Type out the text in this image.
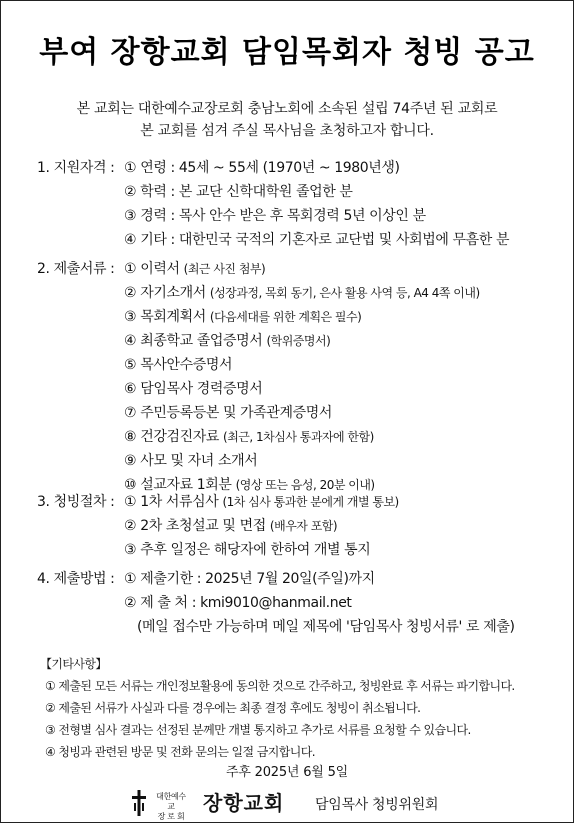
부여 장항교회 담임목회자 청빙 공고
본 교회는 대한예수교장로회 충남노회에 소속된 설립 74주년 된 교회로
본 교회를 섬겨 주실 목사님을 초청하고자 합니다.
1. 지원자격 : ① 연령 : 45세 ~ 55세 (1970년 ~ 1980년생)
② 학력 : 본 교단 신학대학원 졸업한 분
③ 경력 : 목사 안수 받은 후 목회경력 5년 이상인 분
④ 기타 : 대한민국 국적의 기혼자로 교단법 및 사회법에 무흠한 분
2. 제출서류 : ① 이력서 (최근 사진 첨부)
② 자기소개서 (성장과정, 목회 동기, 은사 활용 사역 등, A4 4쪽 이내)
③ 목회계획서 (다음세대를 위한 계획은 필수)
④ 최종학교 졸업증명서 (학위증명서)
⑤ 목사안수증명서
⑥ 담임목사 경력증명서
⑦ 주민등록등본 및 가족관계증명서
⑧ 건강검진자료 (최근, 1차심사 통과자에 한함)
⑨ 사모 및 자녀 소개서
⑩ 설교자료 1회분 (영상 또는 음성, 20분 이내)
3. 청빙절차 : ① 1차 서류심사 (1차 심사 통과한 분에게 개별 통보)
② 2차 초청설교 및 면접 (배우자 포함)
③ 추후 일정은 해당자에 한하여 개별 통지
4. 제출방법 : ① 제출기한 : 2025년 7월 20일(주일)까지
② 제 출 처 : kmi9010@hanmail.net
(메일 접수만 가능하며 메일 제목에 '담임목사 청빙서류' 로 제출)
【기타사항】
① 제출된 모든 서류는 개인정보활용에 동의한 것으로 간주하고, 청빙완료 후 서류는 파기합니다.
② 제출된 서류가 사실과 다를 경우에는 최종 결정 후에도 청빙이 취소됩니다.
③ 전형별 심사 결과는 선정된 분께만 개별 통지하고 추가로 서류를 요청할 수 있습니다.
④ 청빙과 관련된 방문 및 전화 문의는 일절 금지합니다.
주후 2025년 6월 5일
대한예수교
장 로 회
장항교회 담임목사 청빙위원회
